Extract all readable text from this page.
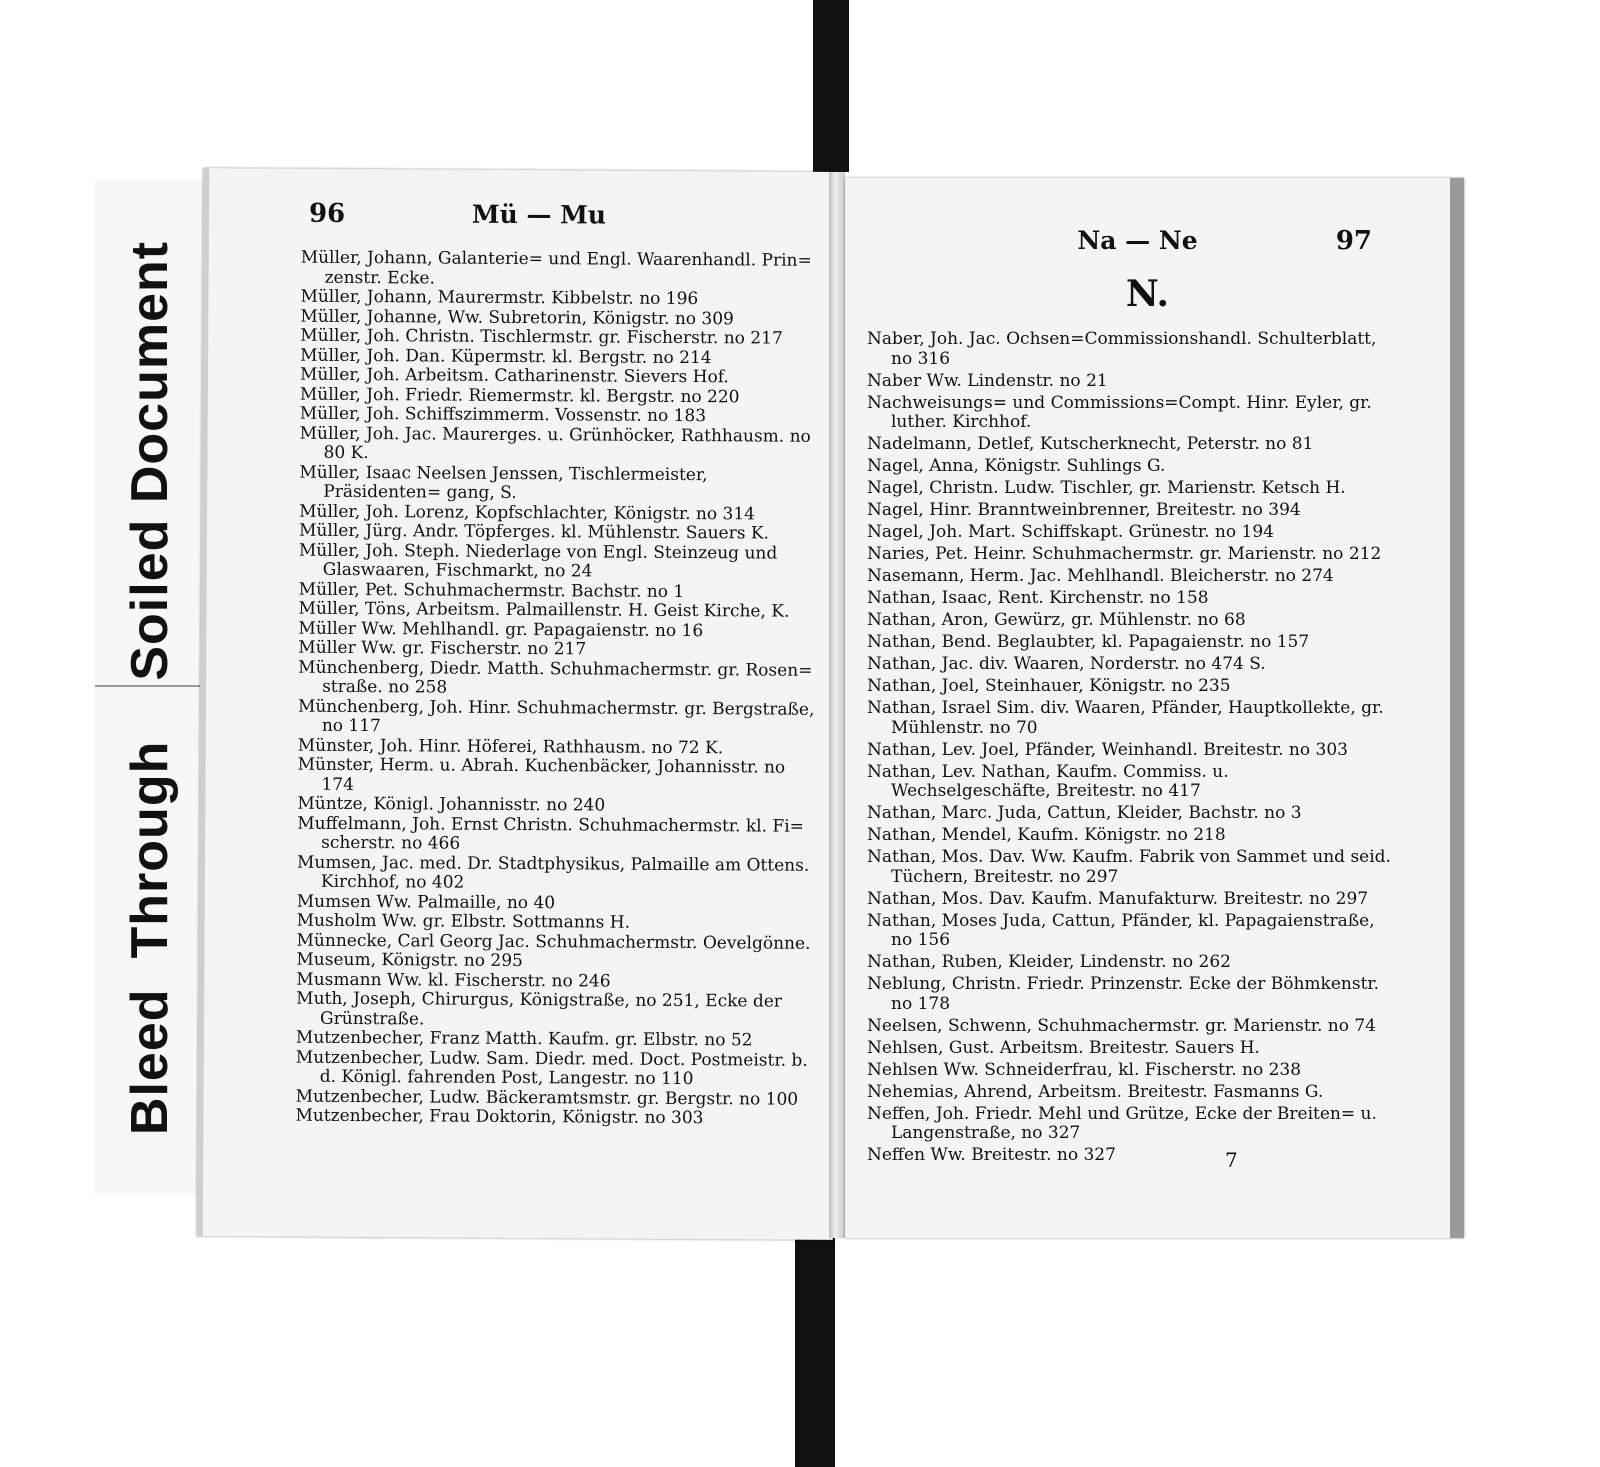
BleedThroughSoiled Document
96	Mü — Mu

Müller, Johann, Galanterie= und Engl. Waarenhandl. Prin= zenstr. Ecke.

Müller, Johann, Maurermstr. Kibbelstr. no 196

Müller, Johanne, Ww. Subretorin, Königstr. no 309

Müller, Joh. Christn. Tischlermstr. gr. Fischerstr. no 217

Müller, Joh. Dan. Küpermstr. kl. Bergstr. no 214

Müller, Joh. Arbeitsm. Catharinenstr. Sievers Hof.

Müller, Joh. Friedr. Riemermstr. kl. Bergstr. no 220

Müller, Joh. Schiffszimmerm. Vossenstr. no 183

Müller, Joh. Jac. Maurerges. u. Grünhöcker, Rathhausm. no 80 K.

Müller, Isaac Neelsen Jenssen, Tischlermeister, Präsidenten= gang, S.

Müller, Joh. Lorenz, Kopfschlachter, Königstr. no 314

Müller, Jürg. Andr. Töpferges. kl. Mühlenstr. Sauers K.

Müller, Joh. Steph. Niederlage von Engl. Steinzeug und Glaswaaren, Fischmarkt, no 24

Müller, Pet. Schuhmachermstr. Bachstr. no 1

Müller, Töns, Arbeitsm. Palmaillenstr. H. Geist Kirche, K.

Müller Ww. Mehlhandl. gr. Papagaienstr. no 16

Müller Ww. gr. Fischerstr. no 217

Münchenberg, Diedr. Matth. Schuhmachermstr. gr. Rosen= straße. no 258

Münchenberg, Joh. Hinr. Schuhmachermstr. gr. Bergstraße, no 117

Münster, Joh. Hinr. Höferei, Rathhausm. no 72 K.

Münster, Herm. u. Abrah. Kuchenbäcker, Johannisstr. no 174

Müntze, Königl. Johannisstr. no 240

Muffelmann, Joh. Ernst Christn. Schuhmachermstr. kl. Fi= scherstr. no 466

Mumsen, Jac. med. Dr. Stadtphysikus, Palmaille am Ottens. Kirchhof, no 402

Mumsen Ww. Palmaille, no 40

Musholm Ww. gr. Elbstr. Sottmanns H.

Münnecke, Carl Georg Jac. Schuhmachermstr. Oevelgönne.

Museum, Königstr. no 295

Musmann Ww. kl. Fischerstr. no 246

Muth, Joseph, Chirurgus, Königstraße, no 251, Ecke der Grünstraße.

Mutzenbecher, Franz Matth. Kaufm. gr. Elbstr. no 52

Mutzenbecher, Ludw. Sam. Diedr. med. Doct. Postmeistr. b. d. Königl. fahrenden Post, Langestr. no 110

Mutzenbecher, Ludw. Bäckeramtsmstr. gr. Bergstr. no 100

Mutzenbecher, Frau Doktorin, Königstr. no 303

Na — Ne	97
N.

Naber, Joh. Jac. Ochsen=Commissionshandl. Schulterblatt, no 316

Naber Ww. Lindenstr. no 21

Nachweisungs= und Commissions=Compt. Hinr. Eyler, gr. luther. Kirchhof.

Nadelmann, Detlef, Kutscherknecht, Peterstr. no 81

Nagel, Anna, Königstr. Suhlings G.

Nagel, Christn. Ludw. Tischler, gr. Marienstr. Ketsch H.

Nagel, Hinr. Branntweinbrenner, Breitestr. no 394

Nagel, Joh. Mart. Schiffskapt. Grünestr. no 194

Naries, Pet. Heinr. Schuhmachermstr. gr. Marienstr. no 212

Nasemann, Herm. Jac. Mehlhandl. Bleicherstr. no 274

Nathan, Isaac, Rent. Kirchenstr. no 158

Nathan, Aron, Gewürz, gr. Mühlenstr. no 68

Nathan, Bend. Beglaubter, kl. Papagaienstr. no 157

Nathan, Jac. div. Waaren, Norderstr. no 474 S.

Nathan, Joel, Steinhauer, Königstr. no 235

Nathan, Israel Sim. div. Waaren, Pfänder, Hauptkollekte, gr. Mühlenstr. no 70

Nathan, Lev. Joel, Pfänder, Weinhandl. Breitestr. no 303

Nathan, Lev. Nathan, Kaufm. Commiss. u. Wechselgeschäfte, Breitestr. no 417

Nathan, Marc. Juda, Cattun, Kleider, Bachstr. no 3

Nathan, Mendel, Kaufm. Königstr. no 218

Nathan, Mos. Dav. Ww. Kaufm. Fabrik von Sammet und seid. Tüchern, Breitestr. no 297

Nathan, Mos. Dav. Kaufm. Manufakturw. Breitestr. no 297

Nathan, Moses Juda, Cattun, Pfänder, kl. Papagaienstraße, no 156

Nathan, Ruben, Kleider, Lindenstr. no 262

Neblung, Christn. Friedr. Prinzenstr. Ecke der Böhmkenstr. no 178

Neelsen, Schwenn, Schuhmachermstr. gr. Marienstr. no 74

Nehlsen, Gust. Arbeitsm. Breitestr. Sauers H.

Nehlsen Ww. Schneiderfrau, kl. Fischerstr. no 238

Nehemias, Ahrend, Arbeitsm. Breitestr. Fasmanns G.

Neffen, Joh. Friedr. Mehl und Grütze, Ecke der Breiten= u. Langenstraße, no 327

Neffen Ww. Breitestr. no 327	7
